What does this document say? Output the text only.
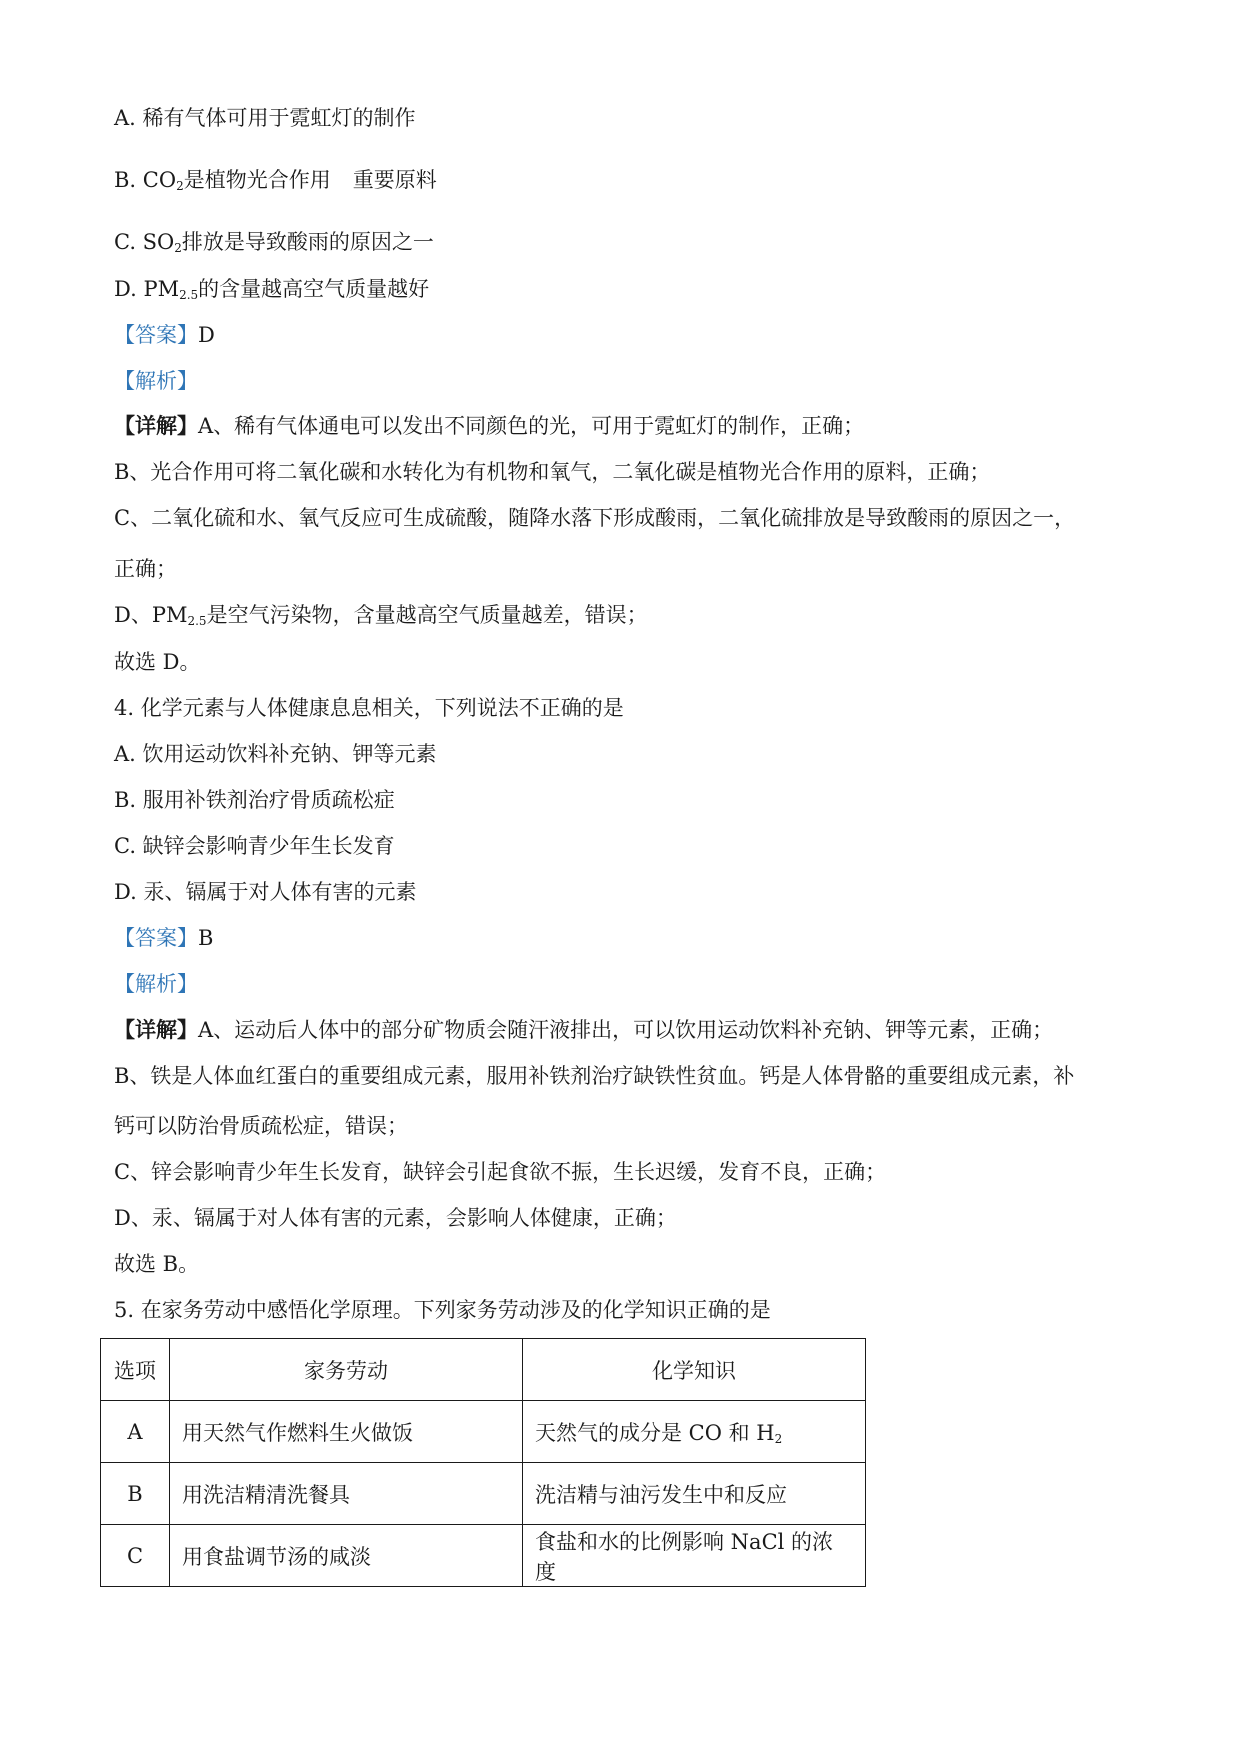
A. 稀有气体可用于霓虹灯的制作
B. $CO_2$是植物光合作用 重要原料
C. $SO_2$排放是导致酸雨的原因之一
D. $PM_{2.5}$的含量越高空气质量越好
【答案】D
【解析】
【详解】A、稀有气体通电可以发出不同颜色的光，可用于霓虹灯的制作，正确；
B、光合作用可将二氧化碳和水转化为有机物和氧气，二氧化碳是植物光合作用的原料，正确；
C、二氧化硫和水、氧气反应可生成硫酸，随降水落下形成酸雨，二氧化硫排放是导致酸雨的原因之一，
正确；
D、$PM_{2.5}$是空气污染物，含量越高空气质量越差，错误；
故选 D。
4. 化学元素与人体健康息息相关，下列说法不正确的是
A. 饮用运动饮料补充钠、钾等元素
B. 服用补铁剂治疗骨质疏松症
C. 缺锌会影响青少年生长发育
D. 汞、镉属于对人体有害的元素
【答案】B
【解析】
【详解】A、运动后人体中的部分矿物质会随汗液排出，可以饮用运动饮料补充钠、钾等元素，正确；
B、铁是人体血红蛋白的重要组成元素，服用补铁剂治疗缺铁性贫血。钙是人体骨骼的重要组成元素，补
钙可以防治骨质疏松症，错误；
C、锌会影响青少年生长发育，缺锌会引起食欲不振，生长迟缓，发育不良，正确；
D、汞、镉属于对人体有害的元素，会影响人体健康，正确；
故选 B。
5. 在家务劳动中感悟化学原理。下列家务劳动涉及的化学知识正确的是
选项	家务劳动	化学知识
A	用天然气作燃料生火做饭	天然气的成分是 CO 和 $H_2$
B	用洗洁精清洗餐具	洗洁精与油污发生中和反应
C	用食盐调节汤的咸淡	食盐和水的比例影响 NaCl 的浓度
